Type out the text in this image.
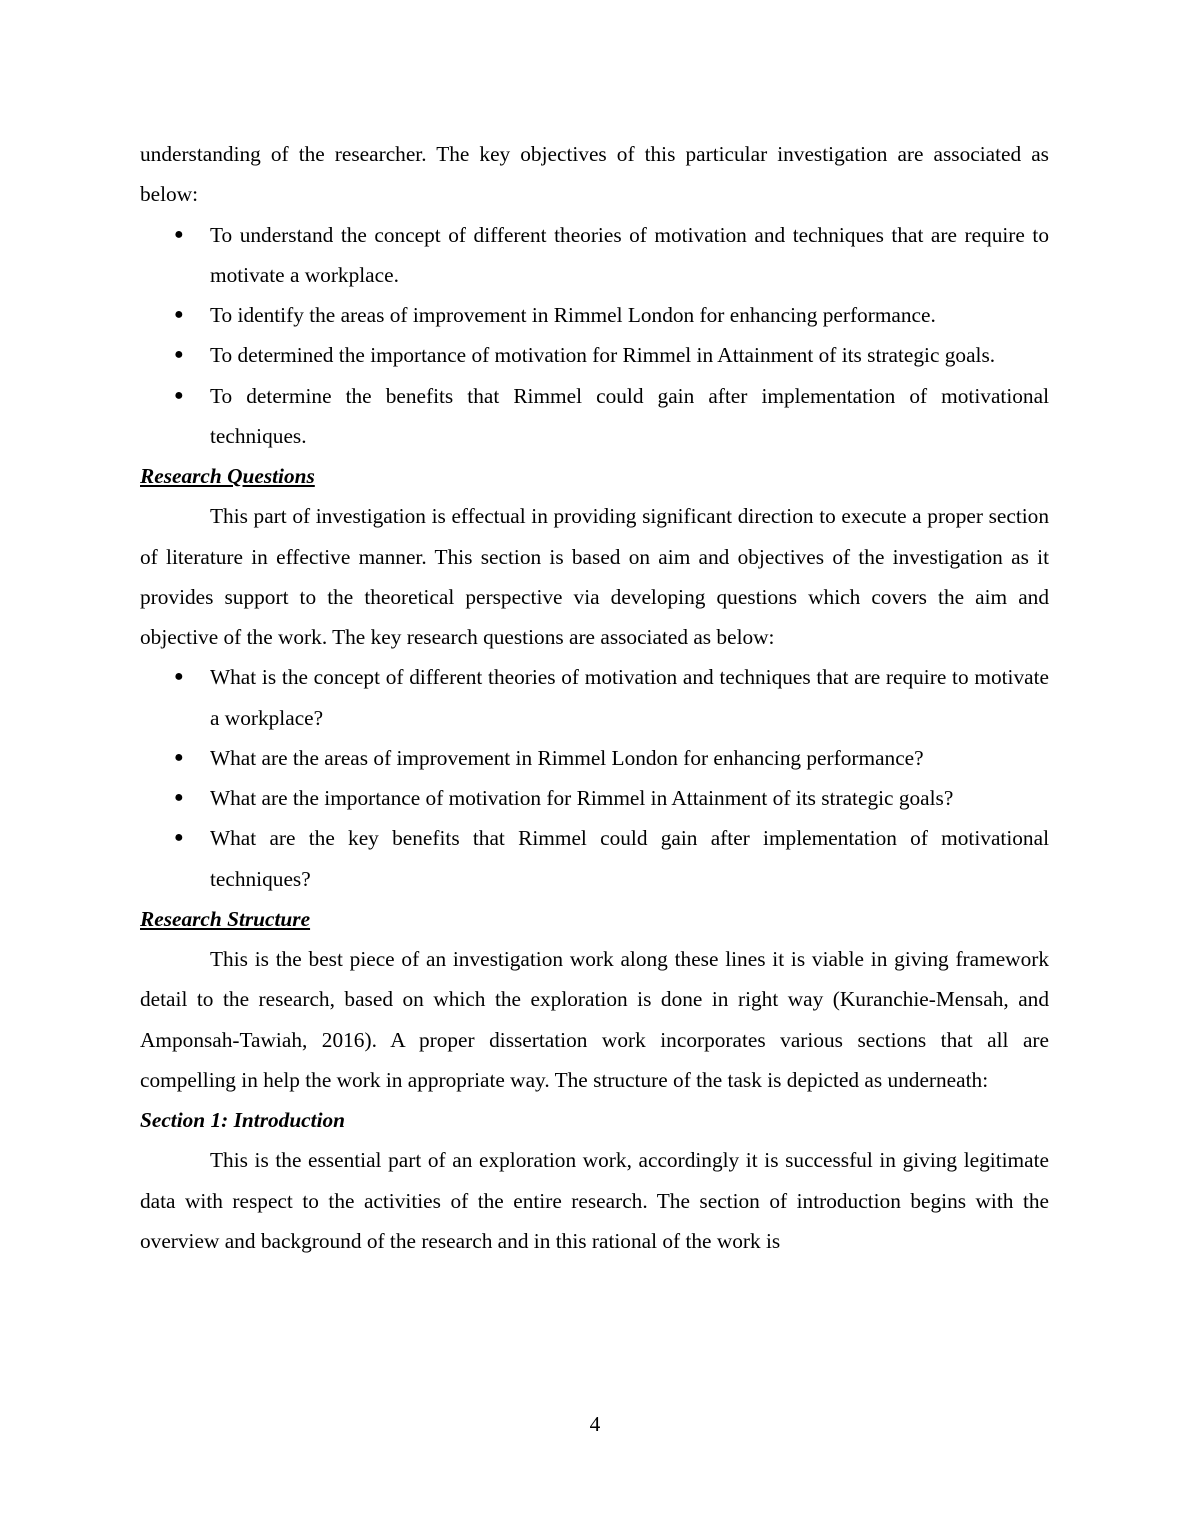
understanding of the researcher. The key objectives of this particular investigation are associated as below:

● To understand the concept of different theories of motivation and techniques that are require to motivate a workplace.
● To identify the areas of improvement in Rimmel London for enhancing performance.
● To determined the importance of motivation for Rimmel in Attainment of its strategic goals.
● To determine the benefits that Rimmel could gain after implementation of motivational techniques.
Research Questions

This part of investigation is effectual in providing significant direction to execute a proper section of literature in effective manner. This section is based on aim and objectives of the investigation as it provides support to the theoretical perspective via developing questions which covers the aim and objective of the work. The key research questions are associated as below:

● What is the concept of different theories of motivation and techniques that are require to motivate a workplace?
● What are the areas of improvement in Rimmel London for enhancing performance?
● What are the importance of motivation for Rimmel in Attainment of its strategic goals?
● What are the key benefits that Rimmel could gain after implementation of motivational techniques?
Research Structure

This is the best piece of an investigation work along these lines it is viable in giving framework detail to the research, based on which the exploration is done in right way (Kuranchie-Mensah, and Amponsah-Tawiah, 2016). A proper dissertation work incorporates various sections that all are compelling in help the work in appropriate way. The structure of the task is depicted as underneath:

Section 1: Introduction

This is the essential part of an exploration work, accordingly it is successful in giving legitimate data with respect to the activities of the entire research. The section of introduction begins with the overview and background of the research and in this rational of the work is

4
